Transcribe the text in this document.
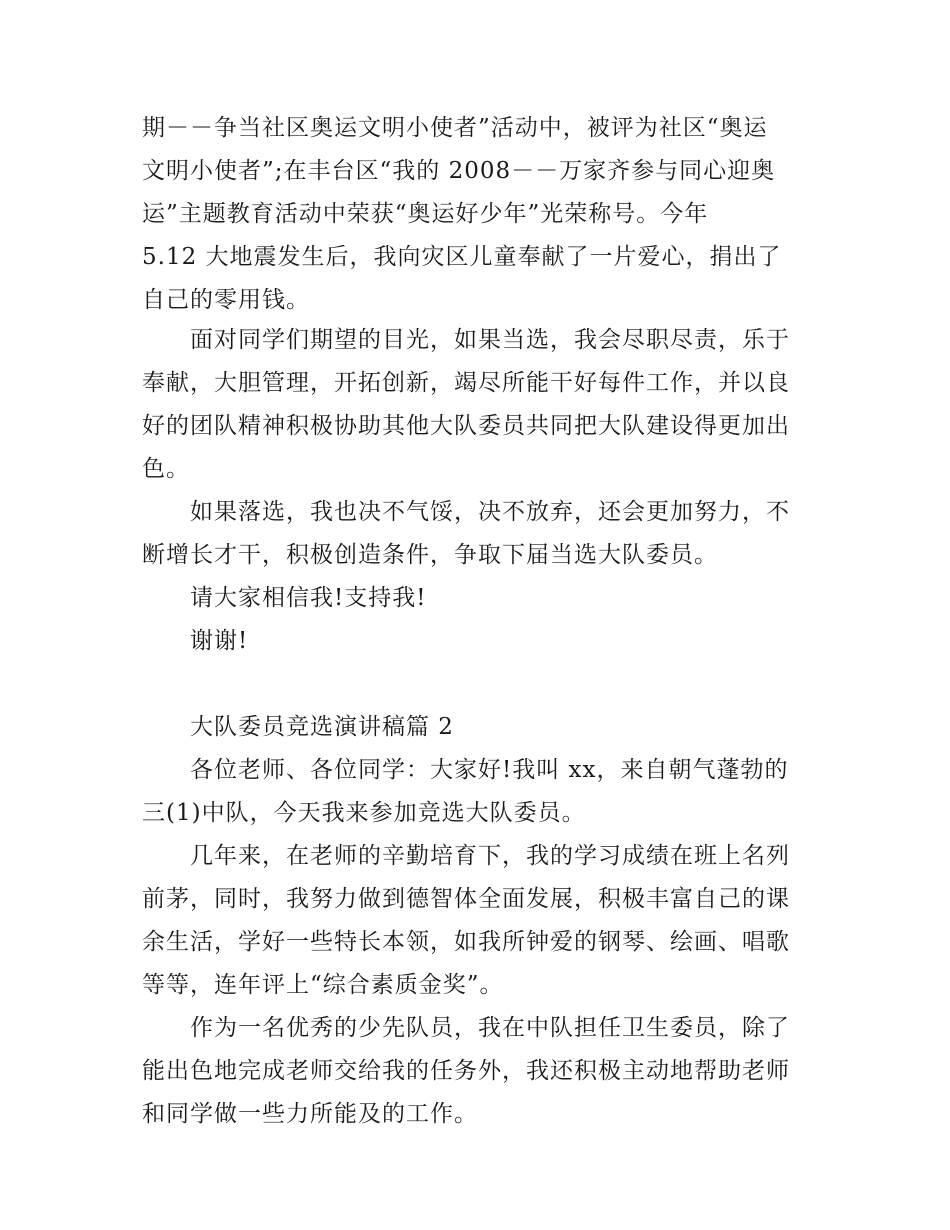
期－－争当社区奥运文明小使者”活动中，被评为社区“奥运
文明小使者”;在丰台区“我的 2008－－万家齐参与同心迎奥
运”主题教育活动中荣获“奥运好少年”光荣称号。今年
5.12 大地震发生后，我向灾区儿童奉献了一片爱心，捐出了
自己的零用钱。
面对同学们期望的目光，如果当选，我会尽职尽责，乐于
奉献，大胆管理，开拓创新，竭尽所能干好每件工作，并以良
好的团队精神积极协助其他大队委员共同把大队建设得更加出
色。
如果落选，我也决不气馁，决不放弃，还会更加努力，不
断增长才干，积极创造条件，争取下届当选大队委员。
请大家相信我!支持我!
谢谢!
大队委员竞选演讲稿篇 2
各位老师、各位同学：大家好!我叫 xx，来自朝气蓬勃的
三(1)中队，今天我来参加竞选大队委员。
几年来，在老师的辛勤培育下，我的学习成绩在班上名列
前茅，同时，我努力做到德智体全面发展，积极丰富自己的课
余生活，学好一些特长本领，如我所钟爱的钢琴、绘画、唱歌
等等，连年评上“综合素质金奖”。
作为一名优秀的少先队员，我在中队担任卫生委员，除了
能出色地完成老师交给我的任务外，我还积极主动地帮助老师
和同学做一些力所能及的工作。
